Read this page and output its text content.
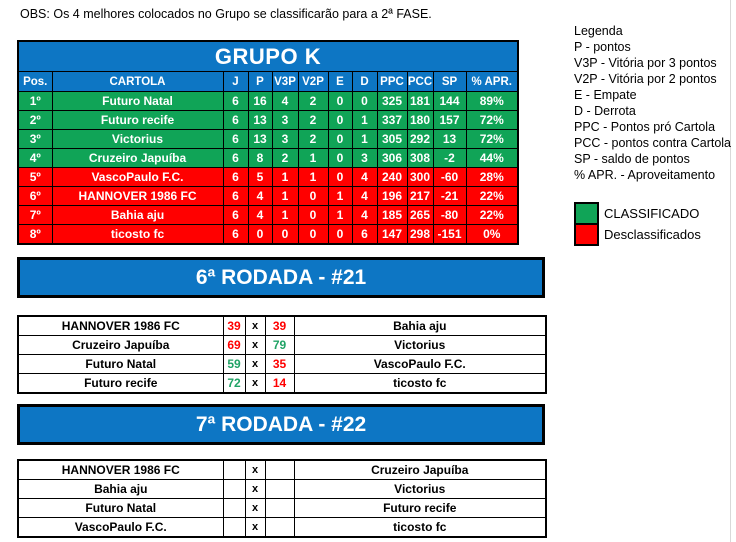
OBS: Os 4 melhores colocados no Grupo se classificarão para a 2ª FASE.
GRUPO K											
Pos.	CARTOLA	J	P	V3P	V2P	E	D	PPC	PCC	SP	% APR.
1º	Futuro Natal	6	16	4	2	0	0	325	181	144	89%
2º	Futuro recife	6	13	3	2	0	1	337	180	157	72%
3º	Victorius	6	13	3	2	0	1	305	292	13	72%
4º	Cruzeiro Japuíba	6	8	2	1	0	3	306	308	-2	44%
5º	VascoPaulo F.C.	6	5	1	1	0	4	240	300	-60	28%
6º	HANNOVER 1986 FC	6	4	1	0	1	4	196	217	-21	22%
7º	Bahia aju	6	4	1	0	1	4	185	265	-80	22%
8º	ticosto fc	6	0	0	0	0	6	147	298	-151	0%
Legenda
P - pontos
V3P - Vitória por 3 pontos
V2P - Vitória por 2 pontos
E - Empate
D - Derrota
PPC - Pontos pró Cartola
PCC - pontos contra Cartola
SP - saldo de pontos
% APR. - Aproveitamento
CLASSIFICADO
Desclassificados
6ª RODADA - #21
HANNOVER 1986 FC	39	x	39	Bahia aju
Cruzeiro Japuíba	69	x	79	Victorius
Futuro Natal	59	x	35	VascoPaulo F.C.
Futuro recife	72	x	14	ticosto fc
7ª RODADA - #22
HANNOVER 1986 FC		x		Cruzeiro Japuíba
Bahia aju		x		Victorius
Futuro Natal		x		Futuro recife
VascoPaulo F.C.		x		ticosto fc
